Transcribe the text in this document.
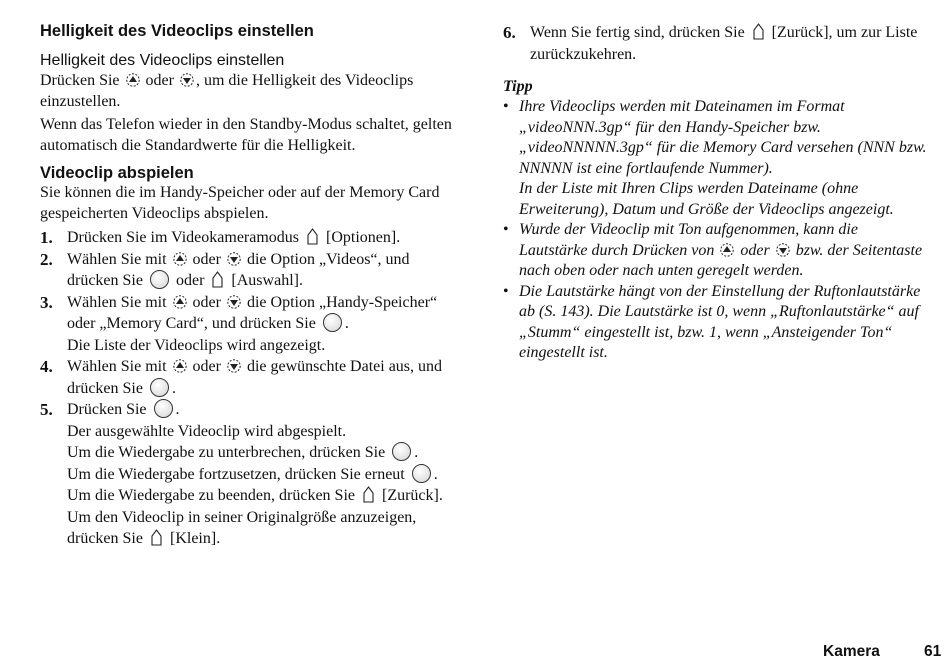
Helligkeit des Videoclips einstellen
Helligkeit des Videoclips einstellen

Drücken Sie oder , um die Helligkeit des Videoclips einzustellen.

Wenn das Telefon wieder in den Standby-Modus schaltet, gelten automatisch die Standardwerte für die Helligkeit.

Videoclip abspielen

Sie können die im Handy-Speicher oder auf der Memory Card gespeicherten Videoclips abspielen.

1. Drücken Sie im Videokameramodus [Optionen].
2. Wählen Sie mit oder die Option „Videos“, und drücken Sie oder [Auswahl].
3. Wählen Sie mit oder die Option „Handy-Speicher“ oder „Memory Card“, und drücken Sie .
Die Liste der Videoclips wird angezeigt.
4. Wählen Sie mit oder die gewünschte Datei aus, und drücken Sie .
5. Drücken Sie .
Der ausgewählte Videoclip wird abgespielt.
Um die Wiedergabe zu unterbrechen, drücken Sie .
Um die Wiedergabe fortzusetzen, drücken Sie erneut .
Um die Wiedergabe zu beenden, drücken Sie [Zurück].
Um den Videoclip in seiner Originalgröße anzuzeigen, drücken Sie [Klein].
6. Wenn Sie fertig sind, drücken Sie [Zurück], um zur Liste zurückzukehren.
Tipp
• Ihre Videoclips werden mit Dateinamen im Format „videoNNN.3gp“ für den Handy-Speicher bzw. „videoNNNNN.3gp“ für die Memory Card versehen (NNN bzw. NNNNN ist eine fortlaufende Nummer).
In der Liste mit Ihren Clips werden Dateiname (ohne Erweiterung), Datum und Größe der Videoclips angezeigt.
• Wurde der Videoclip mit Ton aufgenommen, kann die Lautstärke durch Drücken von oder bzw. der Seitentaste nach oben oder nach unten geregelt werden.
• Die Lautstärke hängt von der Einstellung der Ruftonlautstärke ab (S. 143). Die Lautstärke ist 0, wenn „Ruftonlautstärke“ auf „Stumm“ eingestellt ist, bzw. 1, wenn „Ansteigender Ton“ eingestellt ist.
Kamera	61
